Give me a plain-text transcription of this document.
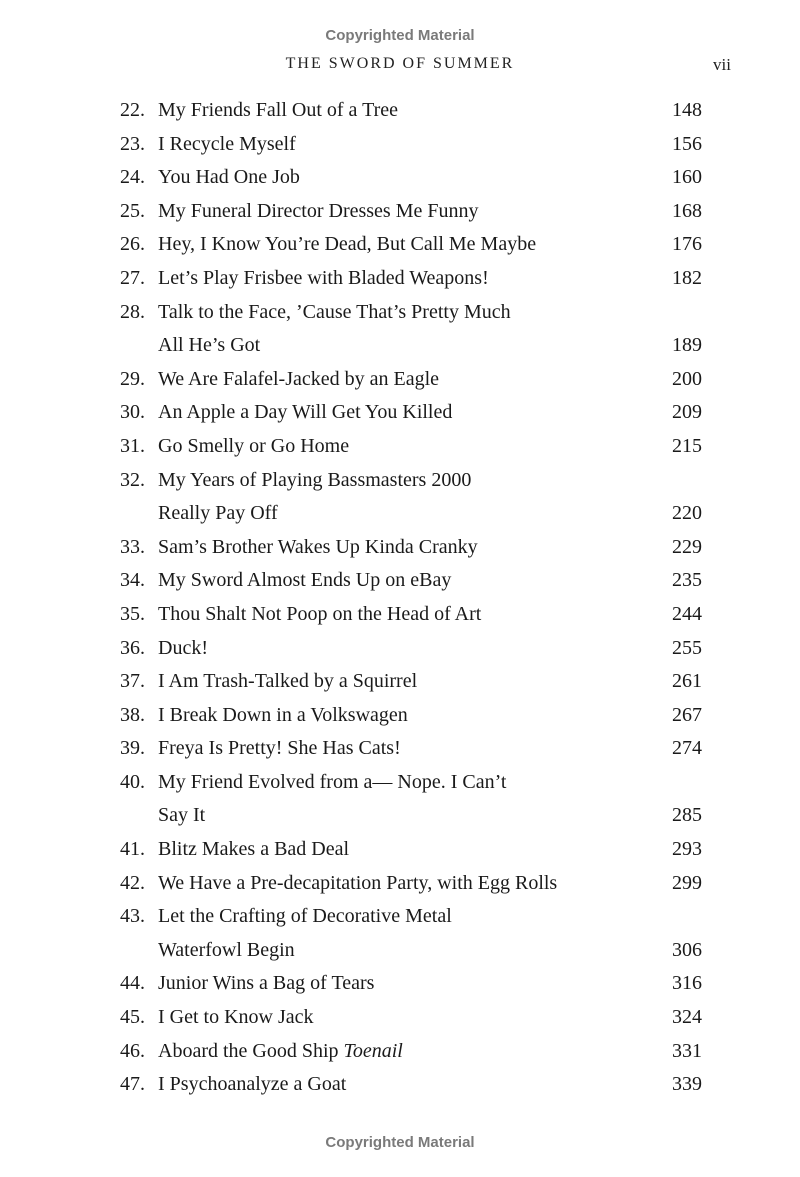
Copyrighted Material
THE SWORD OF SUMMER	vii
22. My Friends Fall Out of a Tree	148
23. I Recycle Myself	156
24. You Had One Job	160
25. My Funeral Director Dresses Me Funny	168
26. Hey, I Know You’re Dead, But Call Me Maybe	176
27. Let’s Play Frisbee with Bladed Weapons!	182
28. Talk to the Face, ’Cause That’s Pretty Much
All He’s Got	189
29. We Are Falafel-Jacked by an Eagle	200
30. An Apple a Day Will Get You Killed	209
31. Go Smelly or Go Home	215
32. My Years of Playing Bassmasters 2000
Really Pay Off	220
33. Sam’s Brother Wakes Up Kinda Cranky	229
34. My Sword Almost Ends Up on eBay	235
35. Thou Shalt Not Poop on the Head of Art	244
36. Duck!	255
37. I Am Trash-Talked by a Squirrel	261
38. I Break Down in a Volkswagen	267
39. Freya Is Pretty! She Has Cats!	274
40. My Friend Evolved from a— Nope. I Can’t
Say It	285
41. Blitz Makes a Bad Deal	293
42. We Have a Pre-decapitation Party, with Egg Rolls	299
43. Let the Crafting of Decorative Metal
Waterfowl Begin	306
44. Junior Wins a Bag of Tears	316
45. I Get to Know Jack	324
46. Aboard the Good Ship Toenail	331
47. I Psychoanalyze a Goat	339
Copyrighted Material
